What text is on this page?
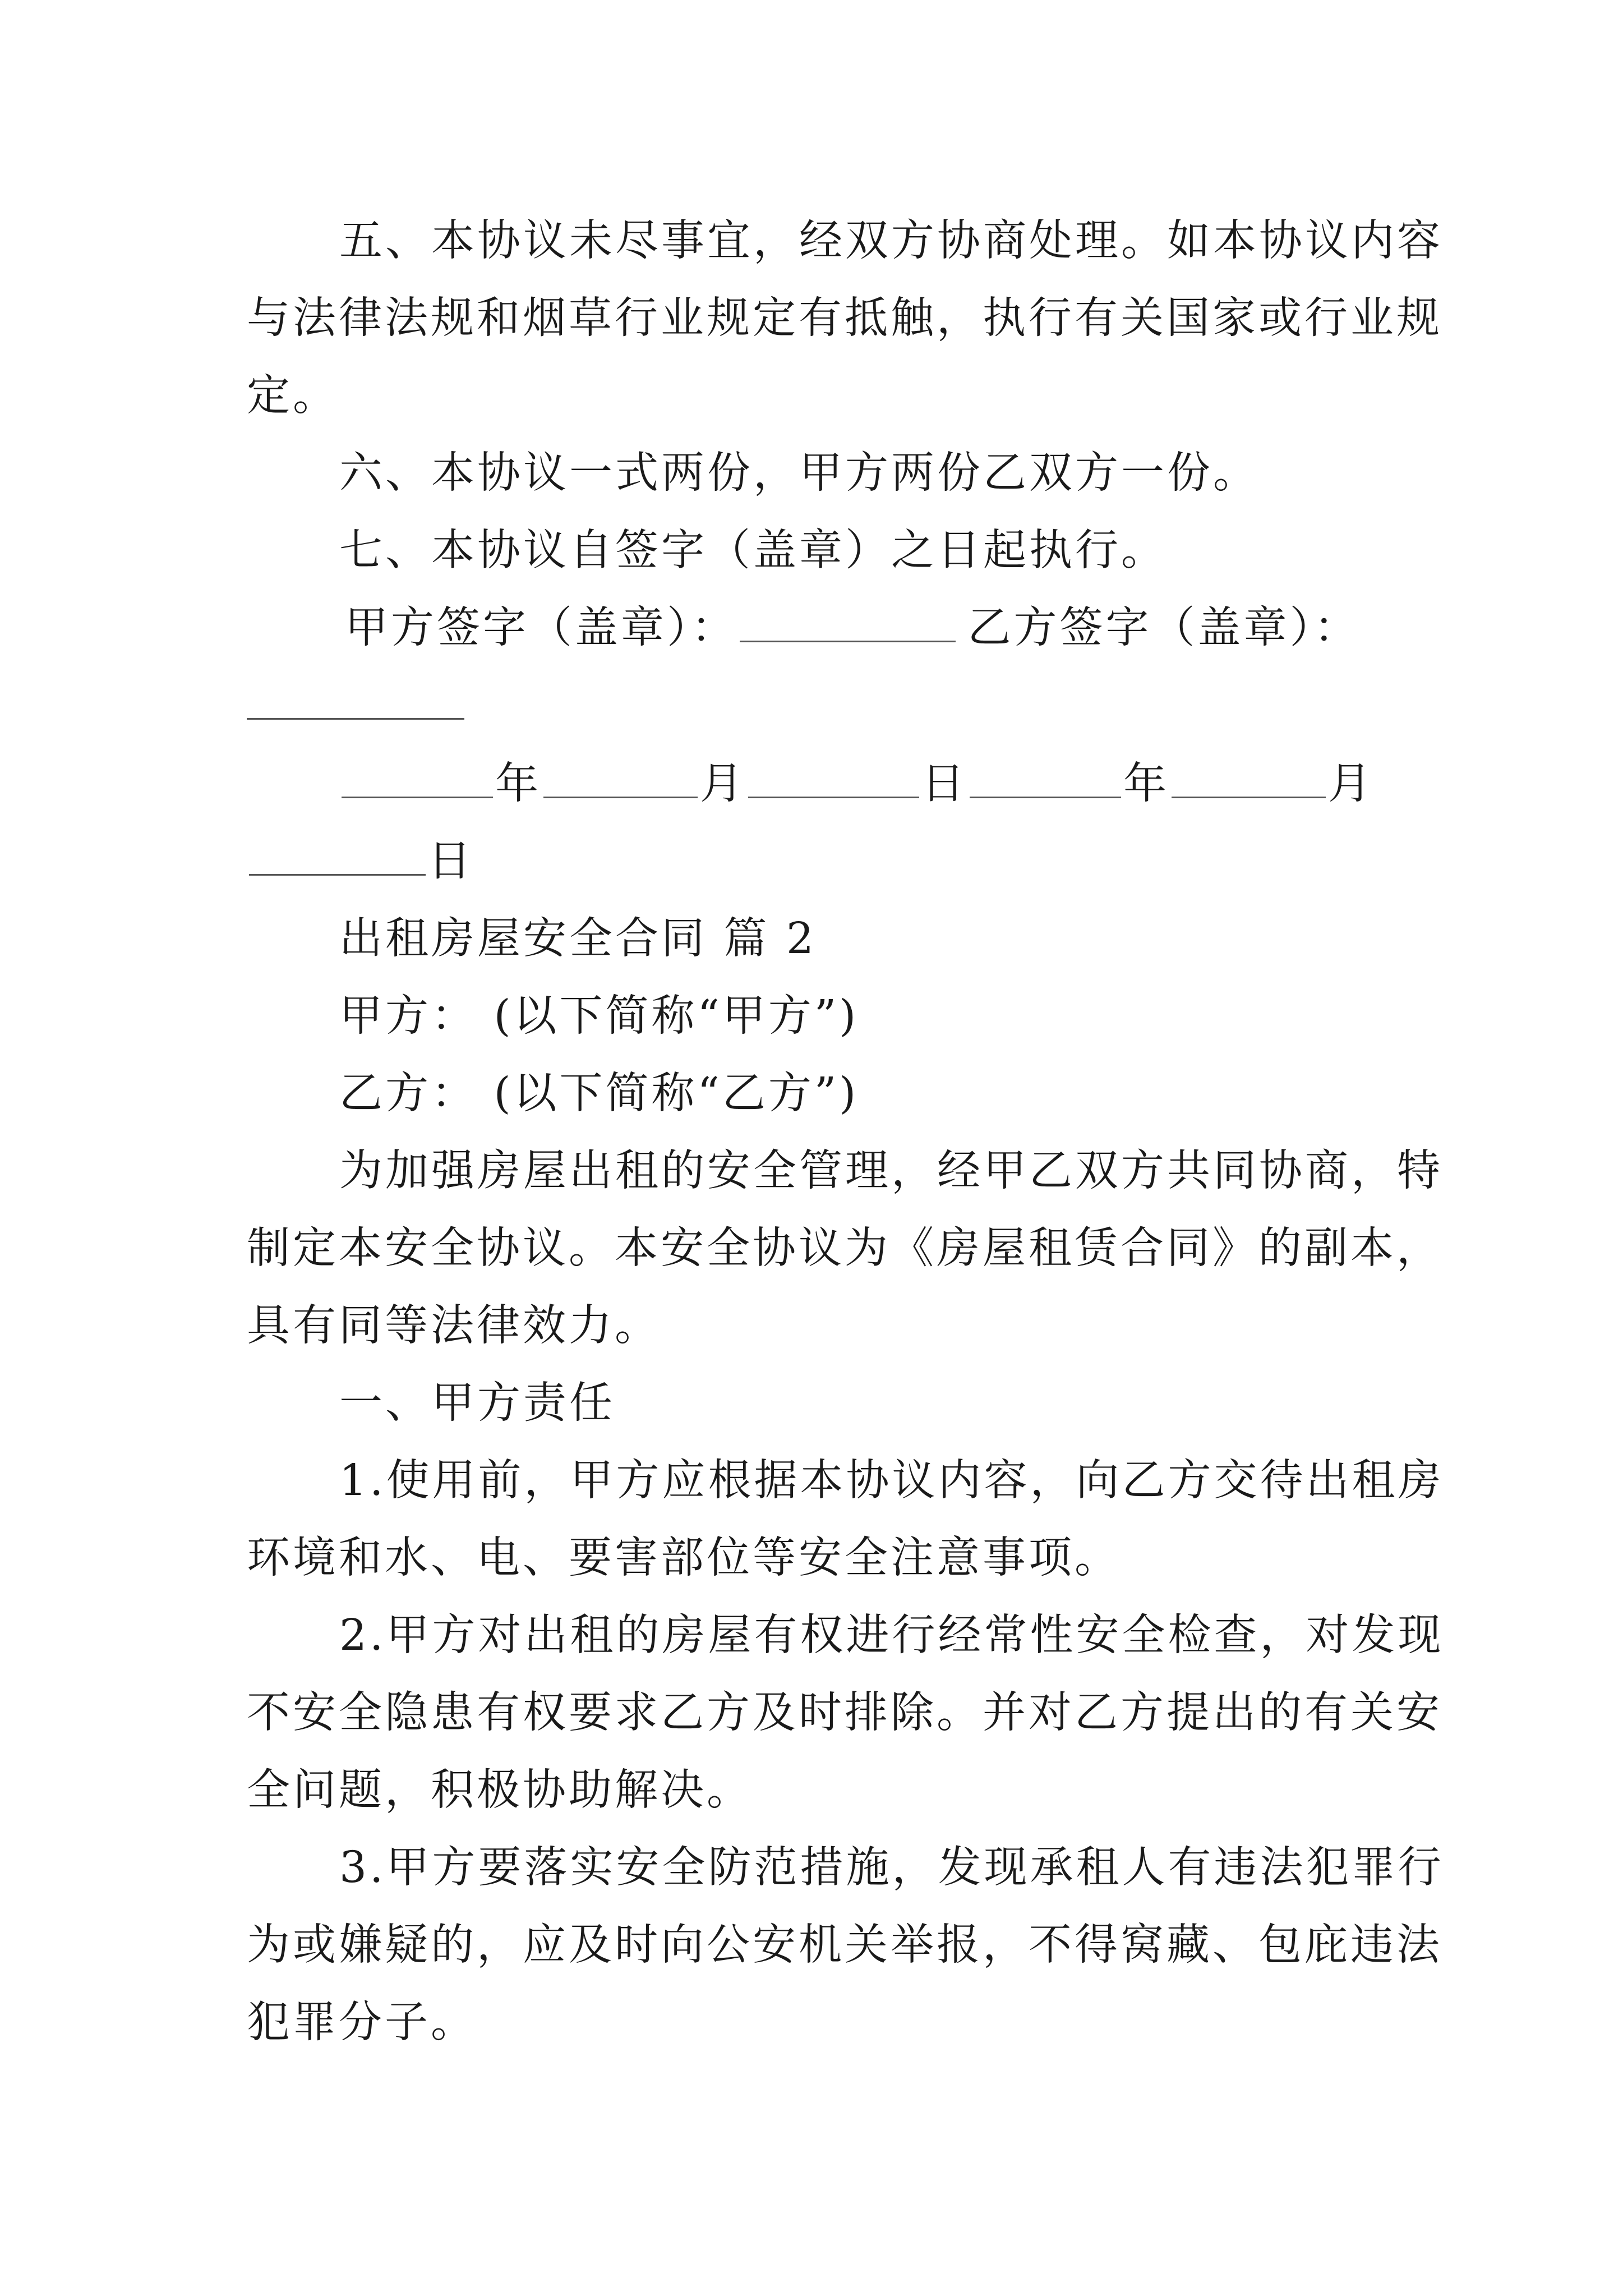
五、本协议未尽事宜，经双方协商处理。如本协议内容
与法律法规和烟草行业规定有抵触，执行有关国家或行业规
定。
六、本协议一式两份，甲方两份乙双方一份。
七、本协议自签字（盖章）之日起执行。
甲方签字（盖章）：	乙方签字（盖章）：
年	月	日	年	月
日
出租房屋安全合同 篇 2
甲方： (以下简称“甲方”)
乙方： (以下简称“乙方”)
为加强房屋出租的安全管理，经甲乙双方共同协商，特
制定本安全协议。本安全协议为《房屋租赁合同》的副本，
具有同等法律效力。
一、甲方责任
1.使用前，甲方应根据本协议内容，向乙方交待出租房
环境和水、电、要害部位等安全注意事项。
2.甲方对出租的房屋有权进行经常性安全检查，对发现
不安全隐患有权要求乙方及时排除。并对乙方提出的有关安
全问题，积极协助解决。
3.甲方要落实安全防范措施，发现承租人有违法犯罪行
为或嫌疑的，应及时向公安机关举报，不得窝藏、包庇违法
犯罪分子。
